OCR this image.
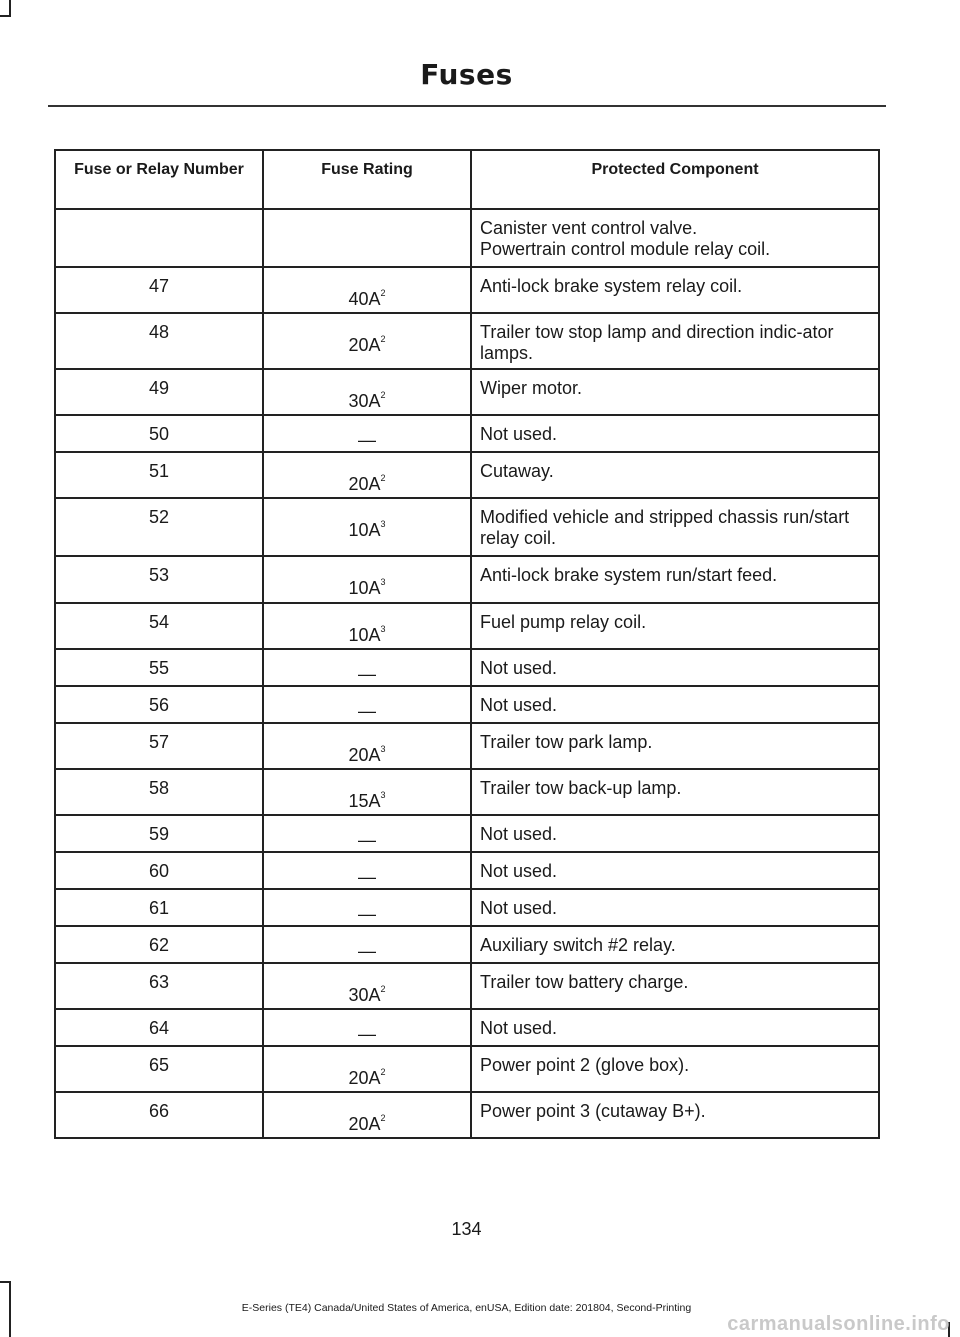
Fuses
Fuse or Relay Number	Fuse Rating	Protected Component
		Canister vent control valve.
Powertrain control module relay coil.
47	$40A^2$	Anti-lock brake system relay coil.
48	$20A^2$	Trailer tow stop lamp and direction indic-ator lamps.
49	$30A^2$	Wiper motor.
50	—	Not used.
51	$20A^2$	Cutaway.
52	$10A^3$	Modified vehicle and stripped chassis run/start relay coil.
53	$10A^3$	Anti-lock brake system run/start feed.
54	$10A^3$	Fuel pump relay coil.
55	—	Not used.
56	—	Not used.
57	$20A^3$	Trailer tow park lamp.
58	$15A^3$	Trailer tow back-up lamp.
59	—	Not used.
60	—	Not used.
61	—	Not used.
62	—	Auxiliary switch #2 relay.
63	$30A^2$	Trailer tow battery charge.
64	—	Not used.
65	$20A^2$	Power point 2 (glove box).
66	$20A^2$	Power point 3 (cutaway B+).
134
E-Series (TE4) Canada/United States of America, enUSA, Edition date: 201804, Second-Printing
carmanualsonline.info
